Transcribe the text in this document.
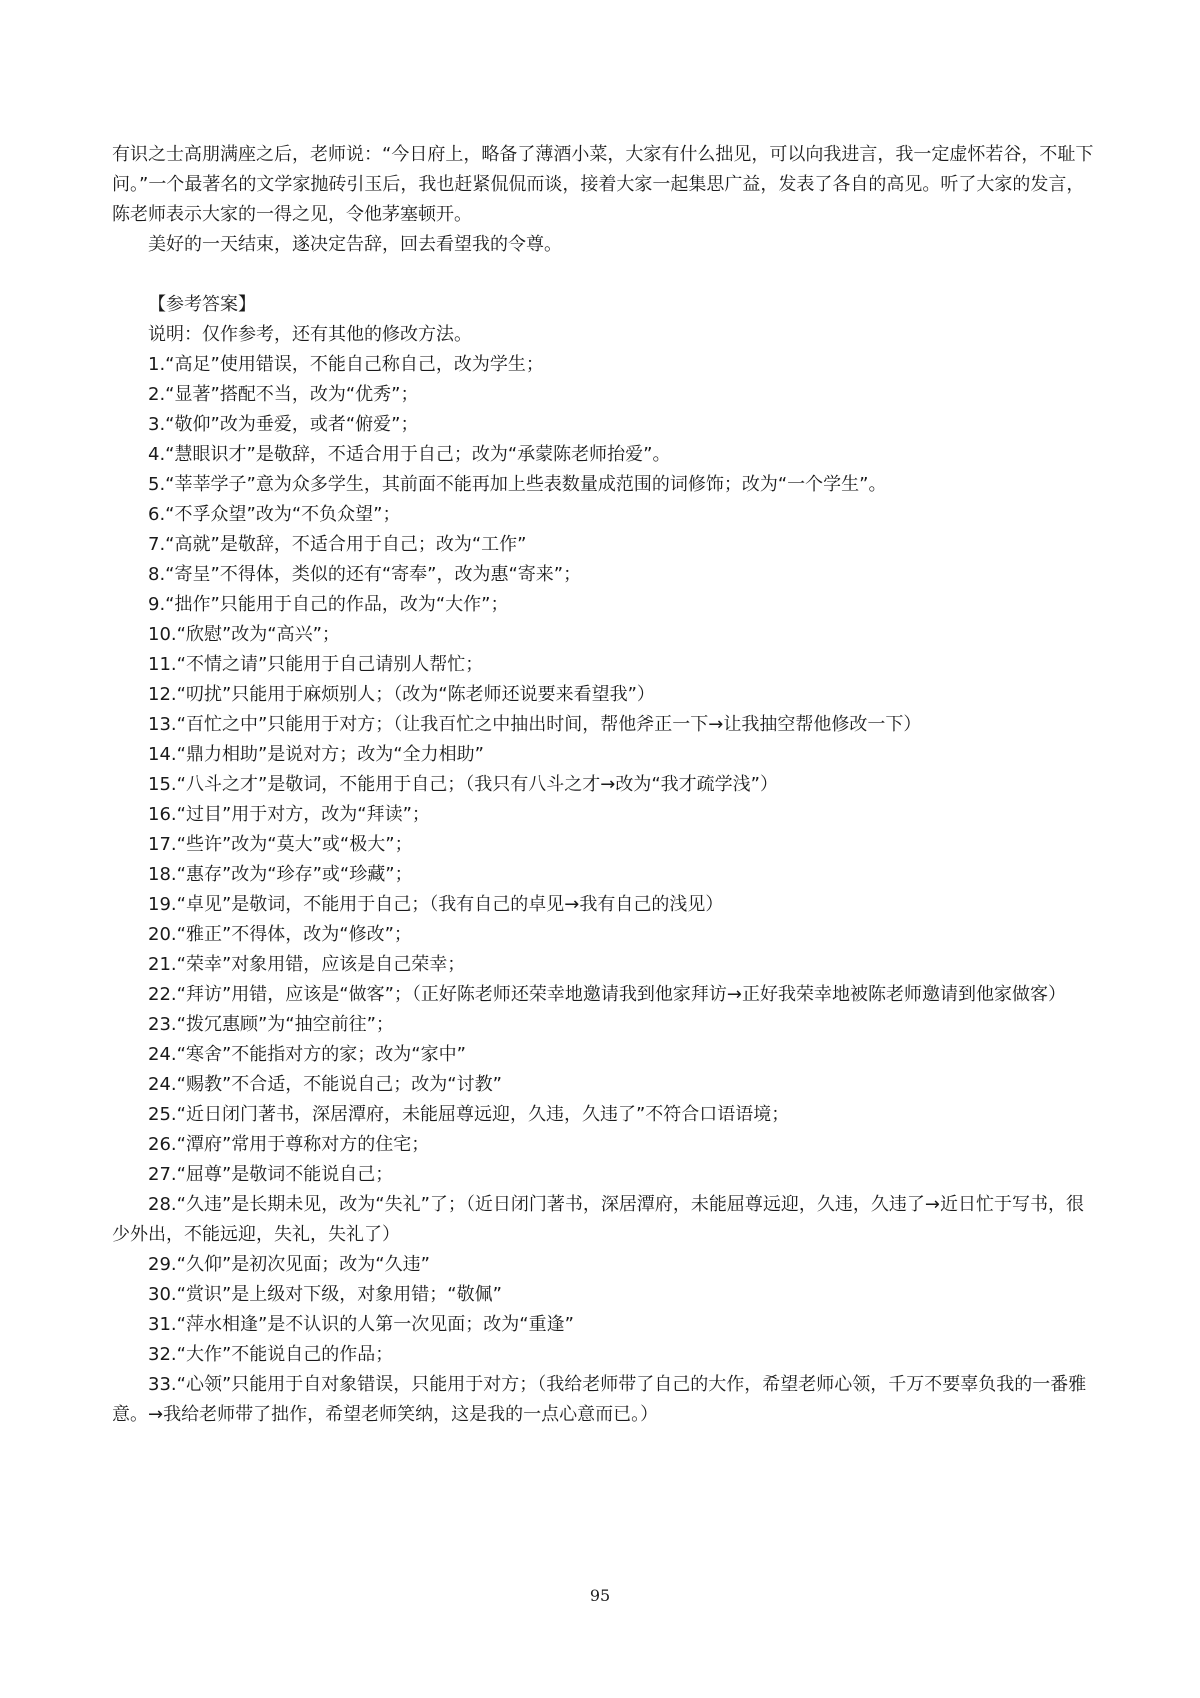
有识之士高朋满座之后，老师说：“今日府上，略备了薄酒小菜，大家有什么拙见，可以向我进言，我一定虚怀若谷，不耻下问。”一个最著名的文学家抛砖引玉后，我也赶紧侃侃而谈，接着大家一起集思广益，发表了各自的高见。听了大家的发言，陈老师表示大家的一得之见，令他茅塞顿开。

美好的一天结束，遂决定告辞，回去看望我的令尊。

【参考答案】

说明：仅作参考，还有其他的修改方法。

1.“高足”使用错误，不能自己称自己，改为学生；
2.“显著”搭配不当，改为“优秀”；
3.“敬仰”改为垂爱，或者“俯爱”；
4.“慧眼识才”是敬辞，不适合用于自己；改为“承蒙陈老师抬爱”。
5.“莘莘学子”意为众多学生，其前面不能再加上些表数量成范围的词修饰；改为“一个学生”。
6.“不孚众望”改为“不负众望”；
7.“高就”是敬辞，不适合用于自己；改为“工作”
8.“寄呈”不得体，类似的还有“寄奉”，改为惠“寄来”；
9.“拙作”只能用于自己的作品，改为“大作”；
10.“欣慰”改为“高兴”；
11.“不情之请”只能用于自己请别人帮忙；
12.“叨扰”只能用于麻烦别人；（改为“陈老师还说要来看望我”）
13.“百忙之中”只能用于对方；（让我百忙之中抽出时间，帮他斧正一下→让我抽空帮他修改一下）
14.“鼎力相助”是说对方；改为“全力相助”
15.“八斗之才”是敬词，不能用于自己；（我只有八斗之才→改为“我才疏学浅”）
16.“过目”用于对方，改为“拜读”；
17.“些许”改为“莫大”或“极大”；
18.“惠存”改为“珍存”或“珍藏”；
19.“卓见”是敬词，不能用于自己；（我有自己的卓见→我有自己的浅见）
20.“雅正”不得体，改为“修改”；
21.“荣幸”对象用错，应该是自己荣幸；
22.“拜访”用错，应该是“做客”；（正好陈老师还荣幸地邀请我到他家拜访→正好我荣幸地被陈老师邀请到他家做客）
23.“拨冗惠顾”为“抽空前往”；
24.“寒舍”不能指对方的家；改为“家中”
24.“赐教”不合适，不能说自己；改为“讨教”
25.“近日闭门著书，深居潭府，未能屈尊远迎，久违，久违了”不符合口语语境；
26.“潭府”常用于尊称对方的住宅；
27.“屈尊”是敬词不能说自己；
28.“久违”是长期未见，改为“失礼”了；（近日闭门著书，深居潭府，未能屈尊远迎，久违，久违了→近日忙于写书，很少外出，不能远迎，失礼，失礼了）
29.“久仰”是初次见面；改为“久违”
30.“赏识”是上级对下级，对象用错；“敬佩”
31.“萍水相逢”是不认识的人第一次见面；改为“重逢”
32.“大作”不能说自己的作品；
33.“心领”只能用于自对象错误，只能用于对方；（我给老师带了自己的大作，希望老师心领，千万不要辜负我的一番雅意。→我给老师带了拙作，希望老师笑纳，这是我的一点心意而已。）
95
